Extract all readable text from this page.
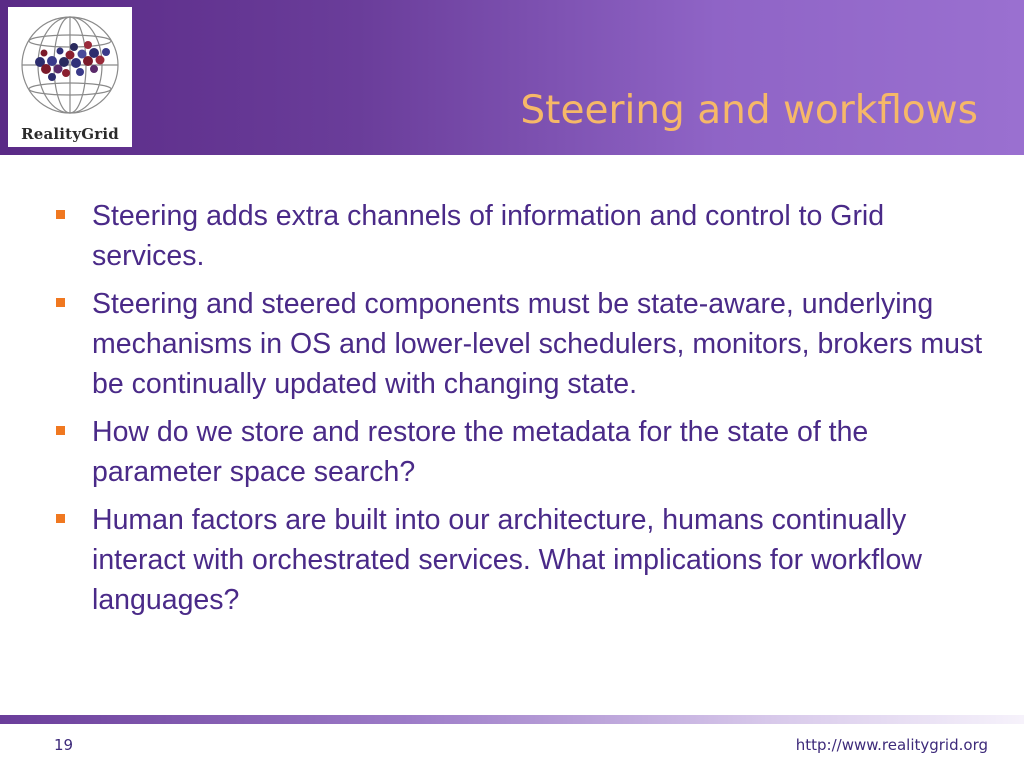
RealityGrid
Steering and workflows
Steering adds extra channels of information and control to Grid services.
Steering and steered components must be state-aware, underlying mechanisms in OS and lower-level schedulers, monitors, brokers must be continually updated with changing state.
How do we store and restore the metadata for the state of the parameter space search?
Human factors are built into our architecture, humans continually interact with orchestrated services. What implications for workflow languages?
19	http://www.realitygrid.org
